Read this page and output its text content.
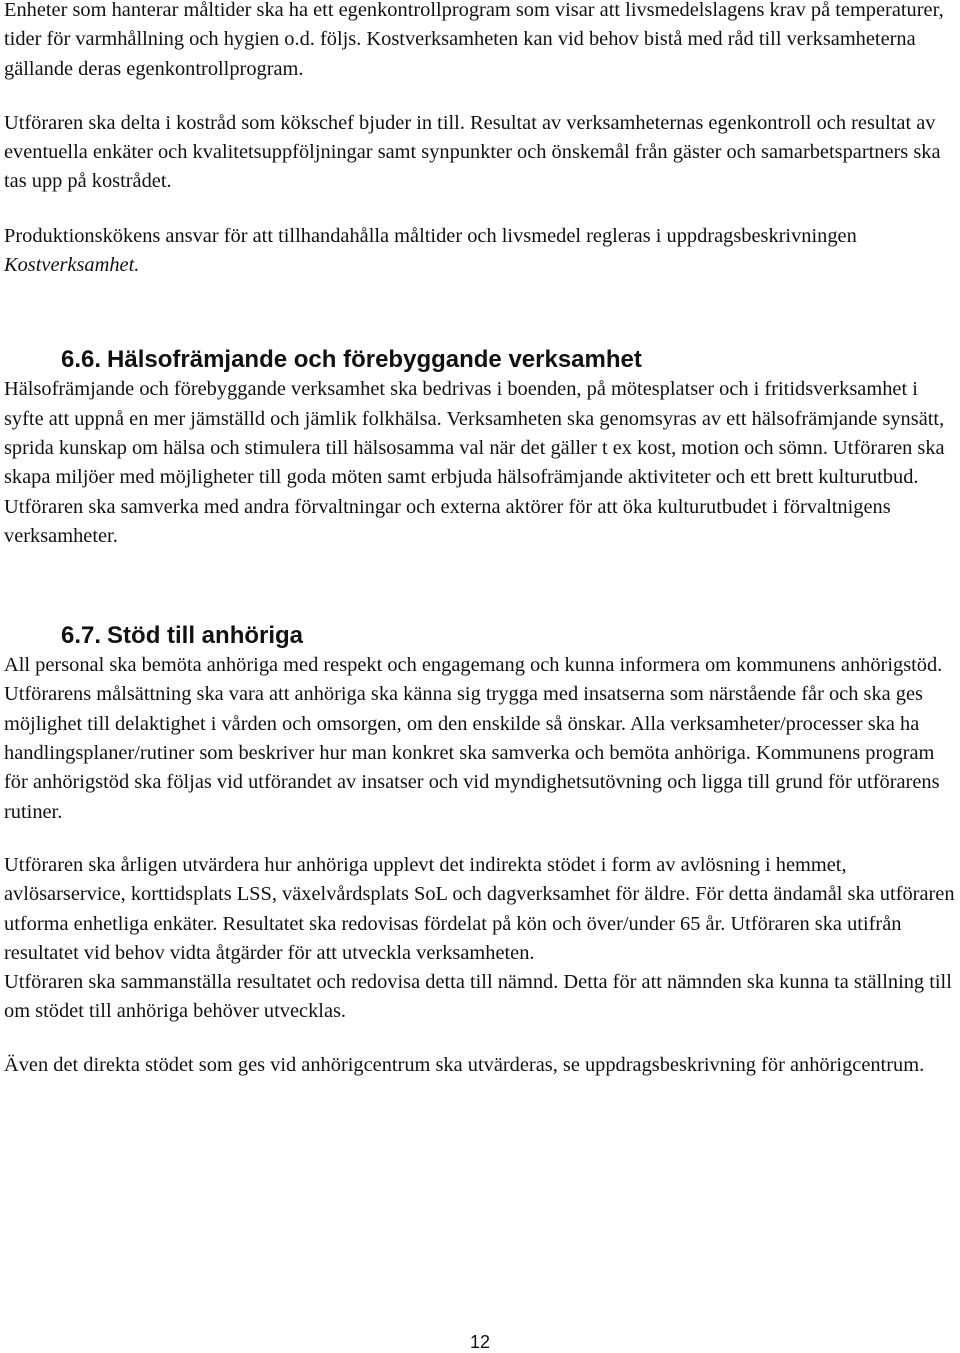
Enheter som hanterar måltider ska ha ett egenkontrollprogram som visar att livsmedelslagens krav på temperaturer, tider för varmhållning och hygien o.d. följs. Kostverksamheten kan vid behov bistå med råd till verksamheterna gällande deras egenkontrollprogram.

Utföraren ska delta i kostråd som kökschef bjuder in till. Resultat av verksamheternas egenkontroll och resultat av eventuella enkäter och kvalitetsuppföljningar samt synpunkter och önskemål från gäster och samarbetspartners ska tas upp på kostrådet.

Produktionskökens ansvar för att tillhandahålla måltider och livsmedel regleras i uppdragsbeskrivningen Kostverksamhet.

6.6. Hälsofrämjande och förebyggande verksamhet

Hälsofrämjande och förebyggande verksamhet ska bedrivas i boenden, på mötesplatser och i fritidsverksamhet i syfte att uppnå en mer jämställd och jämlik folkhälsa. Verksamheten ska genomsyras av ett hälsofrämjande synsätt, sprida kunskap om hälsa och stimulera till hälsosamma val när det gäller t ex kost, motion och sömn. Utföraren ska skapa miljöer med möjligheter till goda möten samt erbjuda hälsofrämjande aktiviteter och ett brett kulturutbud. Utföraren ska samverka med andra förvaltningar och externa aktörer för att öka kulturutbudet i förvaltnigens verksamheter.

6.7. Stöd till anhöriga

All personal ska bemöta anhöriga med respekt och engagemang och kunna informera om kommunens anhörigstöd. Utförarens målsättning ska vara att anhöriga ska känna sig trygga med insatserna som närstående får och ska ges möjlighet till delaktighet i vården och omsorgen, om den enskilde så önskar. Alla verksamheter/processer ska ha handlingsplaner/rutiner som beskriver hur man konkret ska samverka och bemöta anhöriga. Kommunens program för anhörigstöd ska följas vid utförandet av insatser och vid myndighetsutövning och ligga till grund för utförarens rutiner.

Utföraren ska årligen utvärdera hur anhöriga upplevt det indirekta stödet i form av avlösning i hemmet, avlösarservice, korttidsplats LSS, växelvårdsplats SoL och dagverksamhet för äldre. För detta ändamål ska utföraren utforma enhetliga enkäter. Resultatet ska redovisas fördelat på kön och över/under 65 år. Utföraren ska utifrån resultatet vid behov vidta åtgärder för att utveckla verksamheten.

Utföraren ska sammanställa resultatet och redovisa detta till nämnd. Detta för att nämnden ska kunna ta ställning till om stödet till anhöriga behöver utvecklas.

Även det direkta stödet som ges vid anhörigcentrum ska utvärderas, se uppdragsbeskrivning för anhörigcentrum.

12
